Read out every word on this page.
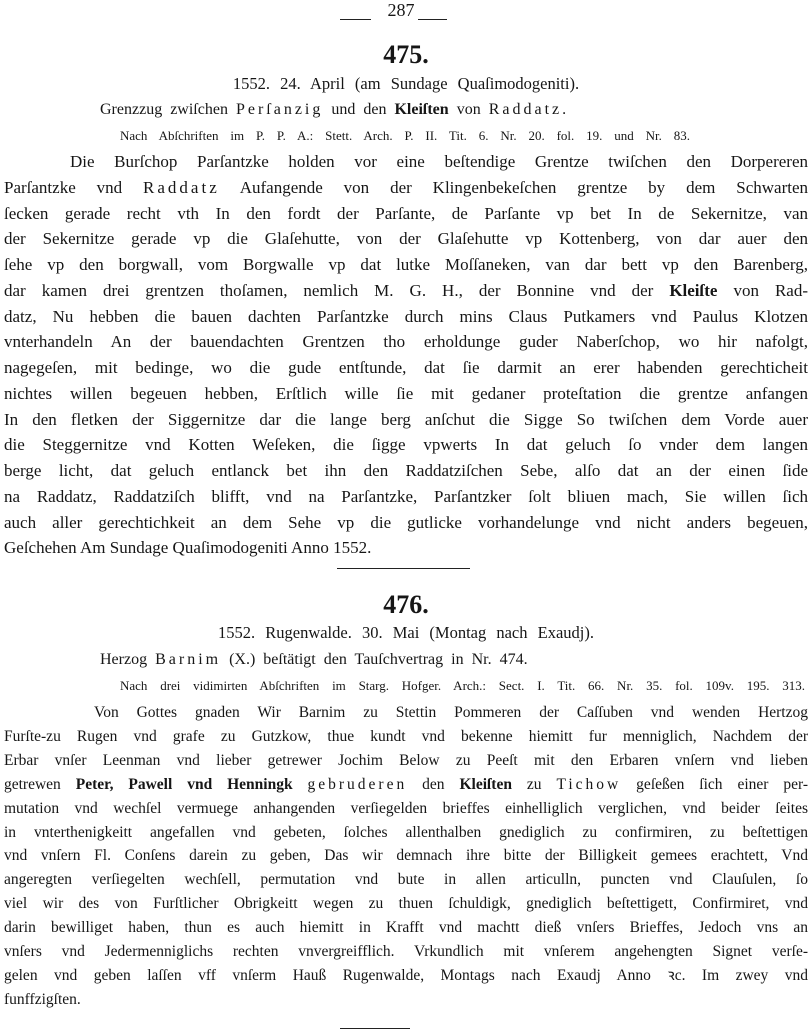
287
475.
1552. 24. April (am Sundage Quaſimodogeniti).
Grenzzug zwiſchen Perſanzig und den Kleiſten von Raddatz.
Nach Abſchriften im P. P. A.: Stett. Arch. P. II. Tit. 6. Nr. 20. fol. 19. und Nr. 83.
Die Burſchop Parſantzke holden vor eine beſtendige Grentze twiſchen den Dorpereren
Parſantzke vnd Raddatz Aufangende von der Klingenbekeſchen grentze by dem Schwarten
ſecken gerade recht vth In den fordt der Parſante, de Parſante vp bet In de Sekernitze, van
der Sekernitze gerade vp die Glaſehutte, von der Glaſehutte vp Kottenberg, von dar auer den
ſehe vp den borgwall, vom Borgwalle vp dat lutke Moſſaneken, van dar bett vp den Barenberg,
dar kamen drei grentzen thoſamen, nemlich M. G. H., der Bonnine vnd der Kleiſte von Rad-
datz, Nu hebben die bauen dachten Parſantzke durch mins Claus Putkamers vnd Paulus Klotzen
vnterhandeln An der bauendachten Grentzen tho erholdunge guder Naberſchop, wo hir nafolgt,
nagegeſen, mit bedinge, wo die gude entſtunde, dat ſie darmit an erer habenden gerechticheit
nichtes willen begeuen hebben, Erſtlich wille ſie mit gedaner proteſtation die grentze anfangen
In den fletken der Siggernitze dar die lange berg anſchut die Sigge So twiſchen dem Vorde auer
die Steggernitze vnd Kotten Weſeken, die ſigge vpwerts In dat geluch ſo vnder dem langen
berge licht, dat geluch entlanck bet ihn den Raddatziſchen Sebe, alſo dat an der einen ſide
na Raddatz, Raddatziſch blifft, vnd na Parſantzke, Parſantzker ſolt bliuen mach, Sie willen ſich
auch aller gerechtichkeit an dem Sehe vp die gutlicke vorhandelunge vnd nicht anders begeuen,
Geſchehen Am Sundage Quaſimodogeniti Anno 1552.
476.
1552. Rugenwalde. 30. Mai (Montag nach Exaudj).
Herzog Barnim (X.) beſtätigt den Tauſchvertrag in Nr. 474.
Nach drei vidimirten Abſchriften im Starg. Hofger. Arch.: Sect. I. Tit. 66. Nr. 35. fol. 109v. 195. 313.
Von Gottes gnaden Wir Barnim zu Stettin Pommeren der Caſſuben vnd wenden Hertzog
Furſte-zu Rugen vnd grafe zu Gutzkow, thue kundt vnd bekenne hiemitt fur menniglich, Nachdem der
Erbar vnſer Leenman vnd lieber getrewer Jochim Below zu Peeſt mit den Erbaren vnſern vnd lieben
getrewen Peter, Pawell vnd Henningk gebruderen den Kleiſten zu Tichow geſeßen ſich einer per-
mutation vnd wechſel vermuege anhangenden verſiegelden brieffes einhelliglich verglichen, vnd beider ſeites
in vnterthenigkeitt angefallen vnd gebeten, ſolches allenthalben gnediglich zu confirmiren, zu beſtettigen
vnd vnſern Fl. Conſens darein zu geben, Das wir demnach ihre bitte der Billigkeit gemees erachtett, Vnd
angeregten verſiegelten wechſell, permutation vnd bute in allen articulln, puncten vnd Clauſulen, ſo
viel wir des von Furſtlicher Obrigkeitt wegen zu thuen ſchuldigk, gnediglich beſtettigett, Confirmiret, vnd
darin bewilliget haben, thun es auch hiemitt in Krafft vnd machtt dieß vnſers Brieffes, Jedoch vns an
vnſers vnd Jedermenniglichs rechten vnvergreifflich. Vrkundlich mit vnſerem angehengten Signet verſe-
gelen vnd geben laſſen vff vnſerm Hauß Rugenwalde, Montags nach Exaudj Anno ꝛc. Im zwey vnd
funffzigſten.
